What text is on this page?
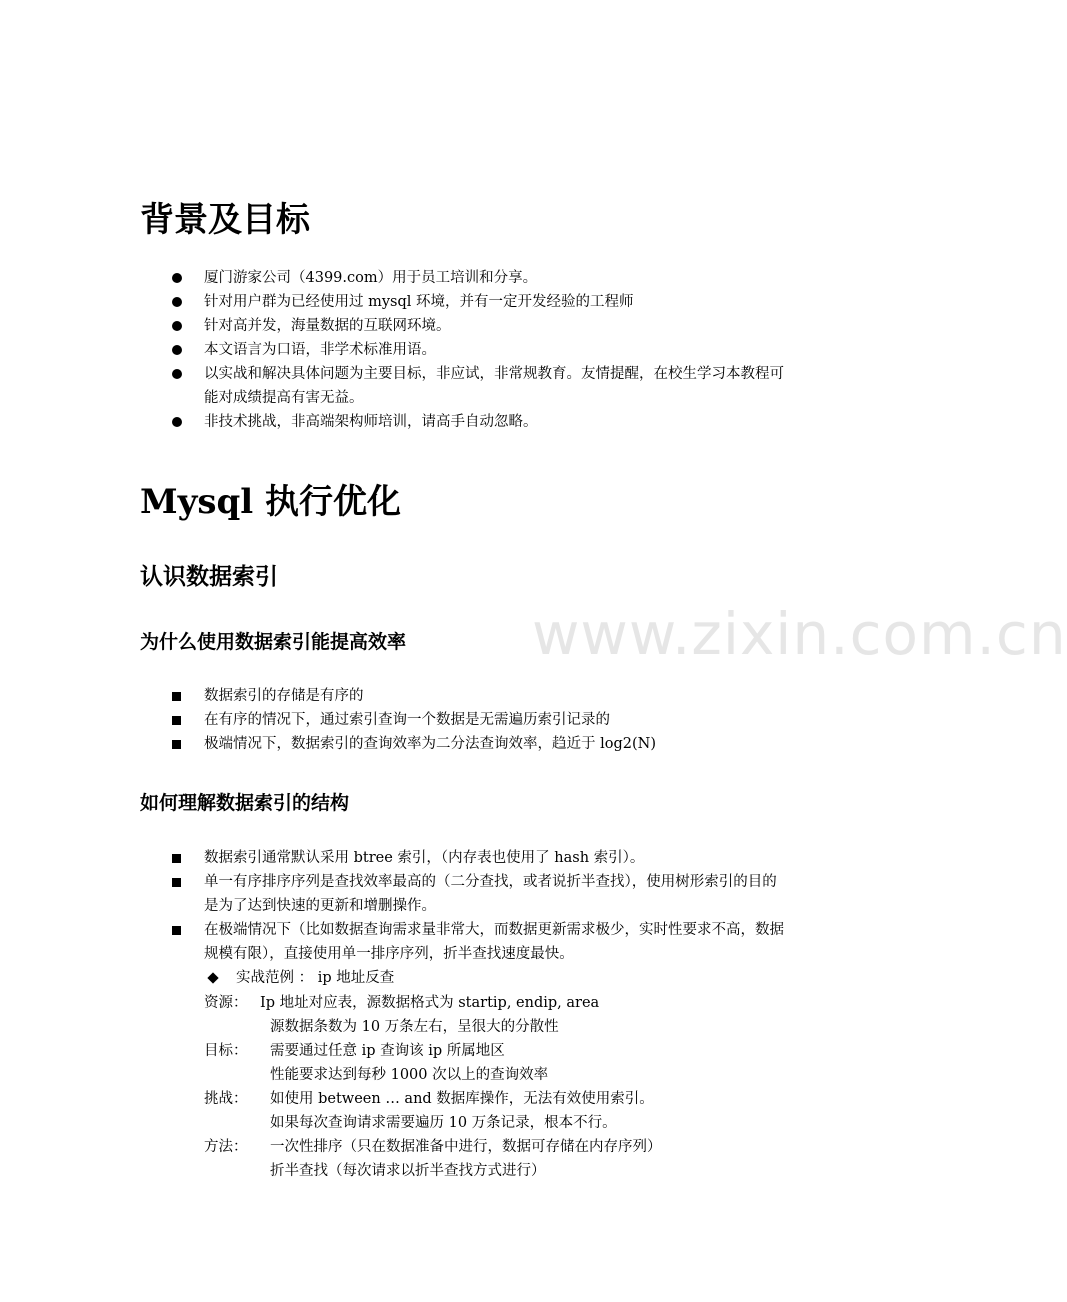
www.zixin.com.cn
背景及目标
厦门游家公司（4399.com）用于员工培训和分享。
针对用户群为已经使用过 mysql 环境，并有一定开发经验的工程师
针对高并发，海量数据的互联网环境。
本文语言为口语，非学术标准用语。
以实战和解决具体问题为主要目标，非应试，非常规教育。友情提醒，在校生学习本教程可能对成绩提高有害无益。
非技术挑战，非高端架构师培训，请高手自动忽略。
Mysql 执行优化
认识数据索引
为什么使用数据索引能提高效率
数据索引的存储是有序的
在有序的情况下，通过索引查询一个数据是无需遍历索引记录的
极端情况下，数据索引的查询效率为二分法查询效率，趋近于 log2(N)
如何理解数据索引的结构
数据索引通常默认采用 btree 索引，（内存表也使用了 hash 索引）。
单一有序排序序列是查找效率最高的（二分查找，或者说折半查找），使用树形索引的目的是为了达到快速的更新和增删操作。
在极端情况下（比如数据查询需求量非常大，而数据更新需求极少，实时性要求不高，数据规模有限），直接使用单一排序序列，折半查找速度最快。
实战范例 ： ip 地址反查
资源： Ip 地址对应表，源数据格式为 startip, endip, area
源数据条数为 10 万条左右，呈很大的分散性
目标： 需要通过任意 ip 查询该 ip 所属地区
性能要求达到每秒 1000 次以上的查询效率
挑战： 如使用 between … and 数据库操作，无法有效使用索引。
如果每次查询请求需要遍历 10 万条记录，根本不行。
方法： 一次性排序（只在数据准备中进行，数据可存储在内存序列）
折半查找（每次请求以折半查找方式进行）
